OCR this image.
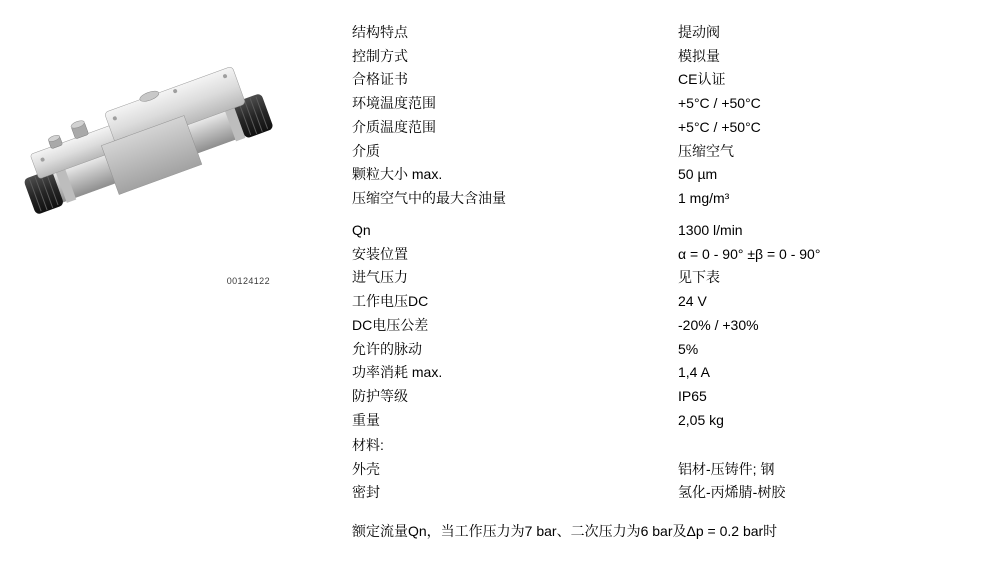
00124122
结构特点	提动阀
控制方式	模拟量
合格证书	CE认证
环境温度范围	+5°C / +50°C
介质温度范围	+5°C / +50°C
介质	压缩空气
颗粒大小 max.	50 µm
压缩空气中的最大含油量	1 mg/m³
Qn	1300 l/min
安装位置	α = 0 - 90° ±β = 0 - 90°
进气压力	见下表
工作电压DC	24 V
DC电压公差	-20% / +30%
允许的脉动	5%
功率消耗 max.	1,4 A
防护等级	IP65
重量	2,05 kg
材料:
外壳	铝材-压铸件; 钢
密封	氢化-丙烯腈-树胶
额定流量Qn，当工作压力为7 bar、二次压力为6 bar及Δp = 0.2 bar时
